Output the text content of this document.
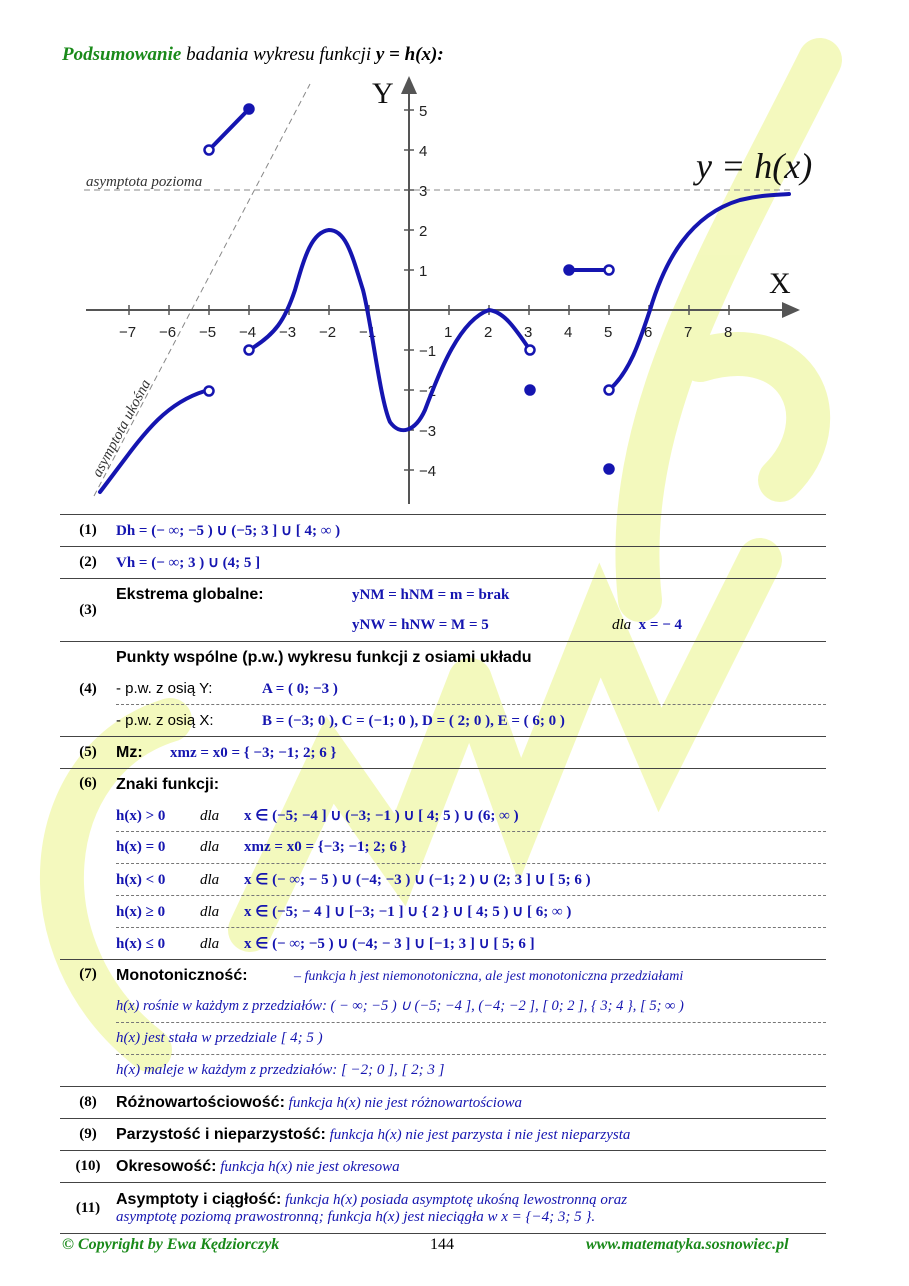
Podsumowanie badania wykresu funkcji y = h(x):
asymptota pozioma
asymptota ukośna
Y
X
−7 −6 −5 −4 −3 −2 −1	1 2 3 4 5 6 7 8
5
4
3
2
1
−1
−2
−3
−4
y = h(x)
(1)	Dh = (− ∞; −5 ) ∪ (−5; 3 ] ∪ [ 4; ∞ )
(2)	Vh = (− ∞; 3 ) ∪ (4; 5 ]
(3)	Ekstrema globalne: yNM = hNM = m = brak
	yNW = hNW = M = 5 dla x = − 4
(4)	Punkty wspólne (p.w.) wykresu funkcji z osiami układu
	- p.w. z osią Y: A = ( 0; −3 )
	- p.w. z osią X: B = (−3; 0 ), C = (−1; 0 ), D = ( 2; 0 ), E = ( 6; 0 )
(5)	Mz: xmz = x0 = { −3; −1; 2; 6 }
(6)	Znaki funkcji:
	h(x) > 0 dla x ∈ (−5; −4 ] ∪ (−3; −1 ) ∪ [ 4; 5 ) ∪ (6; ∞ )
	h(x) = 0 dla xmz = x0 = {−3; −1; 2; 6 }
	h(x) < 0 dla x ∈ (− ∞; − 5 ) ∪ (−4; −3 ) ∪ (−1; 2 ) ∪ (2; 3 ] ∪ [ 5; 6 )
	h(x) ≥ 0 dla x ∈ (−5; − 4 ] ∪ [−3; −1 ] ∪ { 2 } ∪ [ 4; 5 ) ∪ [ 6; ∞ )
	h(x) ≤ 0 dla x ∈ (− ∞; −5 ) ∪ (−4; − 3 ] ∪ [−1; 3 ] ∪ [ 5; 6 ]
(7)	Monotoniczność: – funkcja h jest niemonotoniczna, ale jest monotoniczna przedziałami
	h(x) rośnie w każdym z przedziałów: ( − ∞; −5 ) ∪ (−5; −4 ], (−4; −2 ], [ 0; 2 ], { 3; 4 }, [ 5; ∞ )
	h(x) jest stała w przedziale [ 4; 5 )
	h(x) maleje w każdym z przedziałów: [ −2; 0 ], [ 2; 3 ]
(8)	Różnowartościowość: funkcja h(x) nie jest różnowartościowa
(9)	Parzystość i nieparzystość: funkcja h(x) nie jest parzysta i nie jest nieparzysta
(10)	Okresowość: funkcja h(x) nie jest okresowa
(11)	Asymptoty i ciągłość: funkcja h(x) posiada asymptotę ukośną lewostronną oraz
asymptotę poziomą prawostronną; funkcja h(x) jest nieciągła w x = {−4; 3; 5 }.
© Copyright by Ewa Kędziorczyk	144	www.matematyka.sosnowiec.pl
